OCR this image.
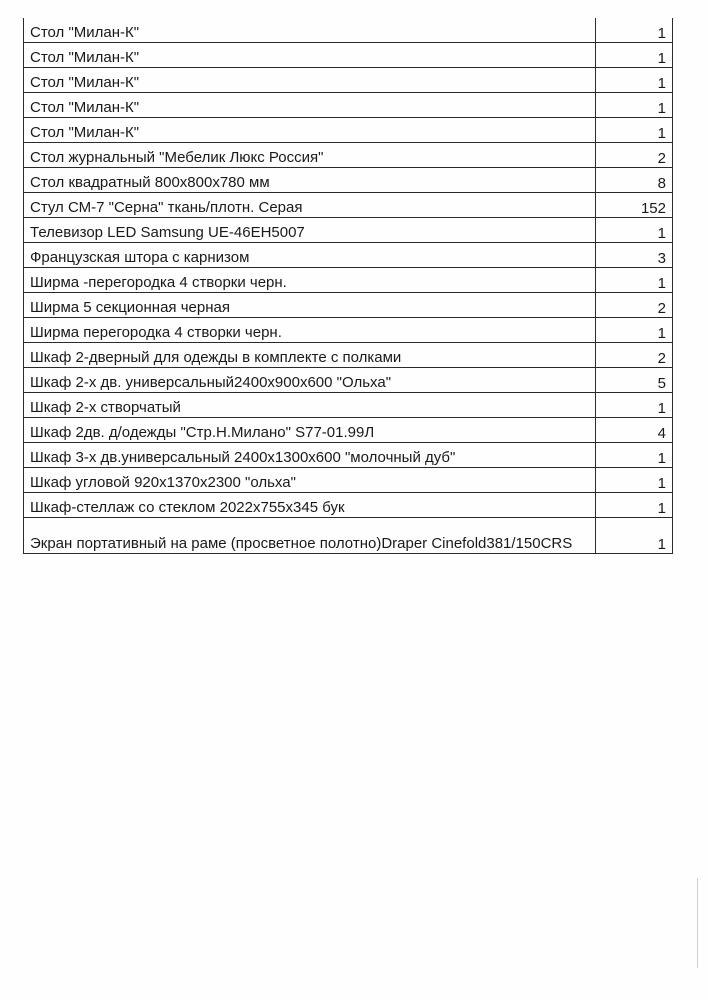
Стол "Милан-К"	1
Стол "Милан-К"	1
Стол "Милан-К"	1
Стол "Милан-К"	1
Стол "Милан-К"	1
Стол журнальный "Мебелик Люкс Россия"	2
Стол квадратный 800х800х780 мм	8
Стул СМ-7 "Серна" ткань/плотн. Серая	152
Телевизор LED Samsung UE-46EH5007	1
Французская штора с карнизом	3
Ширма -перегородка 4 створки черн.	1
Ширма 5 секционная черная	2
Ширма перегородка 4 створки черн.	1
Шкаф 2-дверный для одежды в комплекте с полками	2
Шкаф 2-х дв. универсальный2400х900х600 "Ольха"	5
Шкаф 2-х створчатый	1
Шкаф 2дв. д/одежды "Стр.Н.Милано" S77-01.99Л	4
Шкаф 3-х дв.универсальный 2400х1300х600 "молочный дуб"	1
Шкаф угловой 920х1370х2300 "ольха"	1
Шкаф-стеллаж со стеклом 2022х755х345 бук	1
Экран портативный на раме (просветное полотно)Draper Cinefold381/150CRS	1
